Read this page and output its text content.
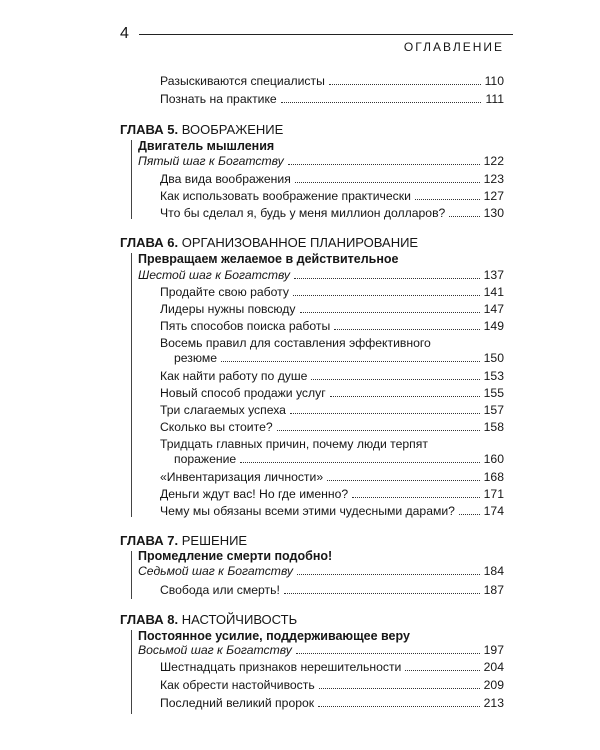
4
ОГЛАВЛЕНИЕ
Разыскиваются специалисты	110
Познать на практике	111
ГЛАВА 5. ВООБРАЖЕНИЕ
Двигатель мышления
Пятый шаг к Богатству	122
Два вида воображения	123
Как использовать воображение практически	127
Что бы сделал я, будь у меня миллион долларов?	130
ГЛАВА 6. ОРГАНИЗОВАННОЕ ПЛАНИРОВАНИЕ
Превращаем желаемое в действительное
Шестой шаг к Богатству	137
Продайте свою работу	141
Лидеры нужны повсюду	147
Пять способов поиска работы	149
Восемь правил для составления эффективного
резюме	150
Как найти работу по душе	153
Новый способ продажи услуг	155
Три слагаемых успеха	157
Сколько вы стоите?	158
Тридцать главных причин, почему люди терпят
поражение	160
«Инвентаризация личности»	168
Деньги ждут вас! Но где именно?	171
Чему мы обязаны всеми этими чудесными дарами? 174
ГЛАВА 7. РЕШЕНИЕ
Промедление смерти подобно!
Седьмой шаг к Богатству	184
Свобода или смерть!	187
ГЛАВА 8. НАСТОЙЧИВОСТЬ
Постоянное усилие, поддерживающее веру
Восьмой шаг к Богатству	197
Шестнадцать признаков нерешительности	204
Как обрести настойчивость	209
Последний великий пророк	213
